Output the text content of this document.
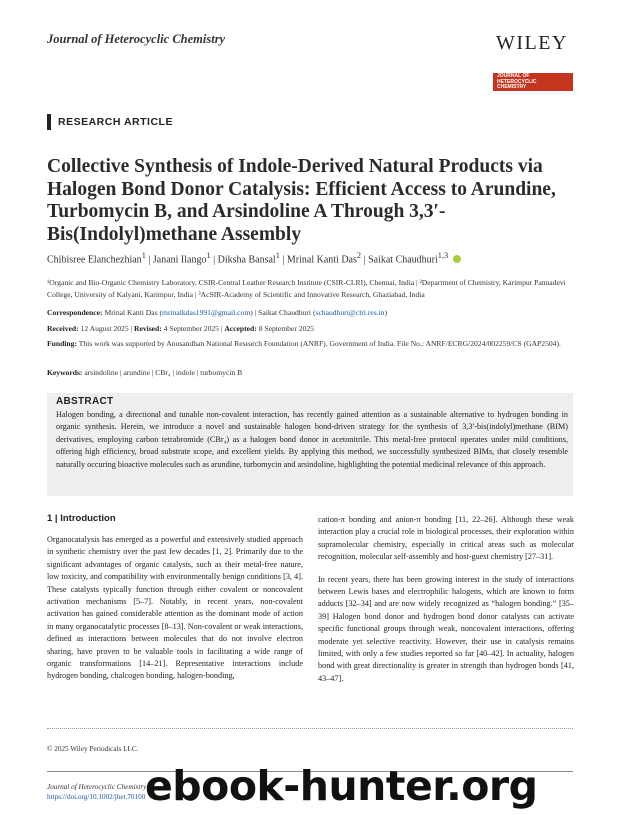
Journal of Heterocyclic Chemistry	WILEY
JOURNAL OF
HETEROCYCLIC
CHEMISTRY
RESEARCH ARTICLE
Collective Synthesis of Indole-Derived Natural Products via Halogen Bond Donor Catalysis: Efficient Access to Arundine, Turbomycin B, and Arsindoline A Through 3,3′-Bis(Indolyl)methane Assembly
Chibisree Elanchezhian$^1$ | Janani Ilango$^1$ | Diksha Bansal$^1$ | Mrinal Kanti Das$^2$ | Saikat Chaudhuri$^{1,3}$
¹Organic and Bio-Organic Chemistry Laboratory, CSIR-Central Leather Research Institute (CSIR-CLRI), Chennai, India | ²Department of Chemistry, Karimpur Pannadevi College, University of Kalyani, Karimpur, India | ³AcSIR-Academy of Scientific and Innovative Research, Ghaziabad, India
Correspondence: Mrinal Kanti Das (mrinalkdas1991@gmail.com) | Saikat Chaudhuri (schaudhuri@clri.res.in)
Received: 12 August 2025 | Revised: 4 September 2025 | Accepted: 8 September 2025
Funding: This work was supported by Anusandhan National Research Foundation (ANRF), Government of India. File No.: ANRF/ECRG/2024/002259/CS (GAP2504).
Keywords: arsindoline | arundine | CBr₄ | indole | turbomycin B
ABSTRACT
Halogen bonding, a directional and tunable non-covalent interaction, has recently gained attention as a sustainable alternative to hydrogen bonding in organic synthesis. Herein, we introduce a novel and sustainable halogen bond-driven strategy for the synthesis of 3,3′-bis(indolyl)methane (BIM) derivatives, employing carbon tetrabromide (CBr₄) as a halogen bond donor in acetonitrile. This metal-free protocol operates under mild conditions, offering high efficiency, broad substrate scope, and excellent yields. By applying this method, we successfully synthesized BIMs, that closely resemble naturally occuring bioactive molecules such as arundine, turbomycin and arsindoline, highlighting the potential medicinal relevance of this approach.
1 | Introduction

Organocatalysis has emerged as a powerful and extensively studied approach in synthetic chemistry over the past few decades [1, 2]. Primarily due to the significant advantages of organic catalysts, such as their metal-free nature, low toxicity, and compatibility with environmentally benign conditions [3, 4]. These catalysts typically function through either covalent or noncovalent activation mechanisms [5–7]. Notably, in recent years, non-covalent activation has gained considerable attention as the dominant mode of action in many organocatalytic processes [8–13]. Non-covalent or weak interactions, defined as interactions between molecules that do not involve electron sharing, have proven to be valuable tools in facilitating a wide range of organic transformations [14–21]. Representative interactions include hydrogen bonding, chalcogen bonding, halogen-bonding,

cation-π bonding and anion-π bonding [11, 22–26]. Although these weak interaction play a crucial role in biological processes, their exploration within supramolecular chemistry, especially in critical areas such as molecular recognition, molecular self-assembly and host-guest chemistry [27–31].

In recent years, there has been growing interest in the study of interactions between Lewis bases and electrophilic halogens, which are known to form adducts [32–34] and are now widely recognized as “halogen bonding.” [35–39] Halogen bond donor and hydrogen bond donor catalysts can activate specific functional groups through weak, noncovalent interactions, offering moderate yet selective reactivity. However, their use in catalysis remains limited, with only a few studies reported so far [40–42]. In actuality, halogen bond with great directionality is greater in strength than hydrogen bonds [41, 43–47].

© 2025 Wiley Periodicals LLC.
Journal of Heterocyclic Chemistry
https://doi.org/10.1002/jhet.70100 ebook-hunter.org
